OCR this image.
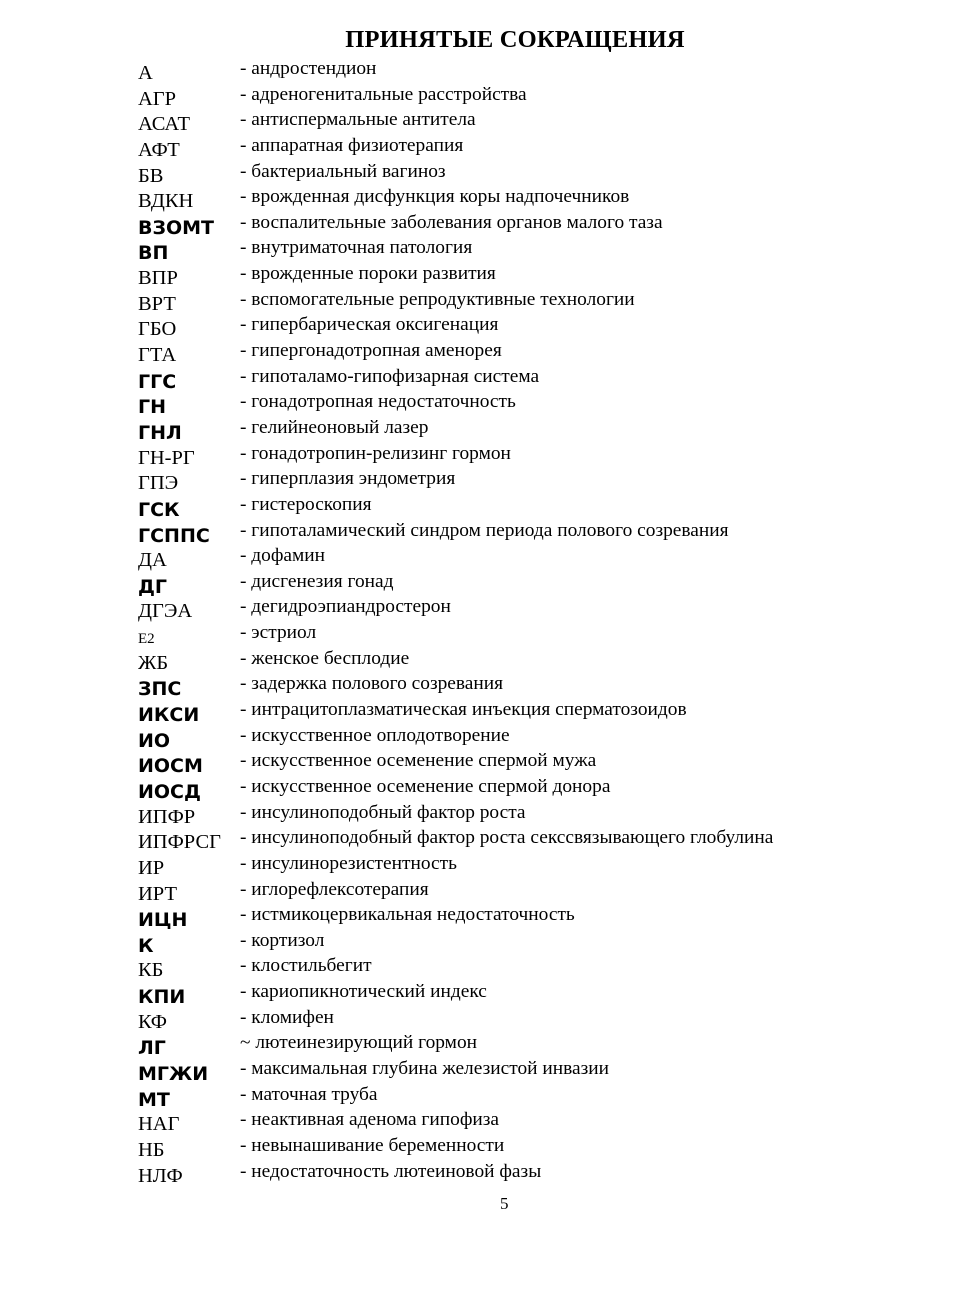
ПРИНЯТЫЕ СОКРАЩЕНИЯ
А	- андростендион
АГР	- адреногенитальные расстройства
АСАТ	- антиспермальные антитела
АФТ	- аппаратная физиотерапия
БВ	- бактериальный вагиноз
ВДКН - врожденная дисфункция коры надпочечников
ВЗОМТ - воспалительные заболевания органов малого таза
ВП	- внутриматочная патология
ВПР	- врожденные пороки развития
ВРТ	- вспомогательные репродуктивные технологии
ГБО	- гипербарическая оксигенация
ГТА	- гипергонадотропная аменорея
ГГС	- гипоталамо-гипофизарная система
ГН	- гонадотропная недостаточность
ГНЛ	- гелийнеоновый лазер
ГН-РГ - гонадотропин-релизинг гормон
ГПЭ	- гиперплазия эндометрия
ГСК	- гистероскопия
ГСППС - гипоталамический синдром периода полового созревания
ДА	- дофамин
ДГ	- дисгенезия гонад
ДГЭА - дегидроэпиандростерон
Е2	- эстриол
ЖБ	- женское бесплодие
ЗПС	- задержка полового созревания
ИКСИ - интрацитоплазматическая инъекция сперматозоидов
ИО	- искусственное оплодотворение
ИОСМ - искусственное осеменение спермой мужа
ИОСД - искусственное осеменение спермой донора
ИПФР - инсулиноподобный фактор роста
ИПФРСГ - инсулиноподобный фактор роста сексcвязывающего глобулина
ИР	- инсулинорезистентность
ИРТ	- иглорефлексотерапия
ИЦН	- истмикоцервикальная недостаточность
К	- кортизол
КБ	- клостильбегит
КПИ	- кариопикнотический индекс
КФ	- кломифен
ЛГ	~ лютеинезирующий гормон
МГЖИ - максимальная глубина железистой инвазии
МТ	- маточная труба
НАГ	- неактивная аденома гипофиза
НБ	- невынашивание беременности
НЛФ	- недостаточность лютеиновой фазы
5
